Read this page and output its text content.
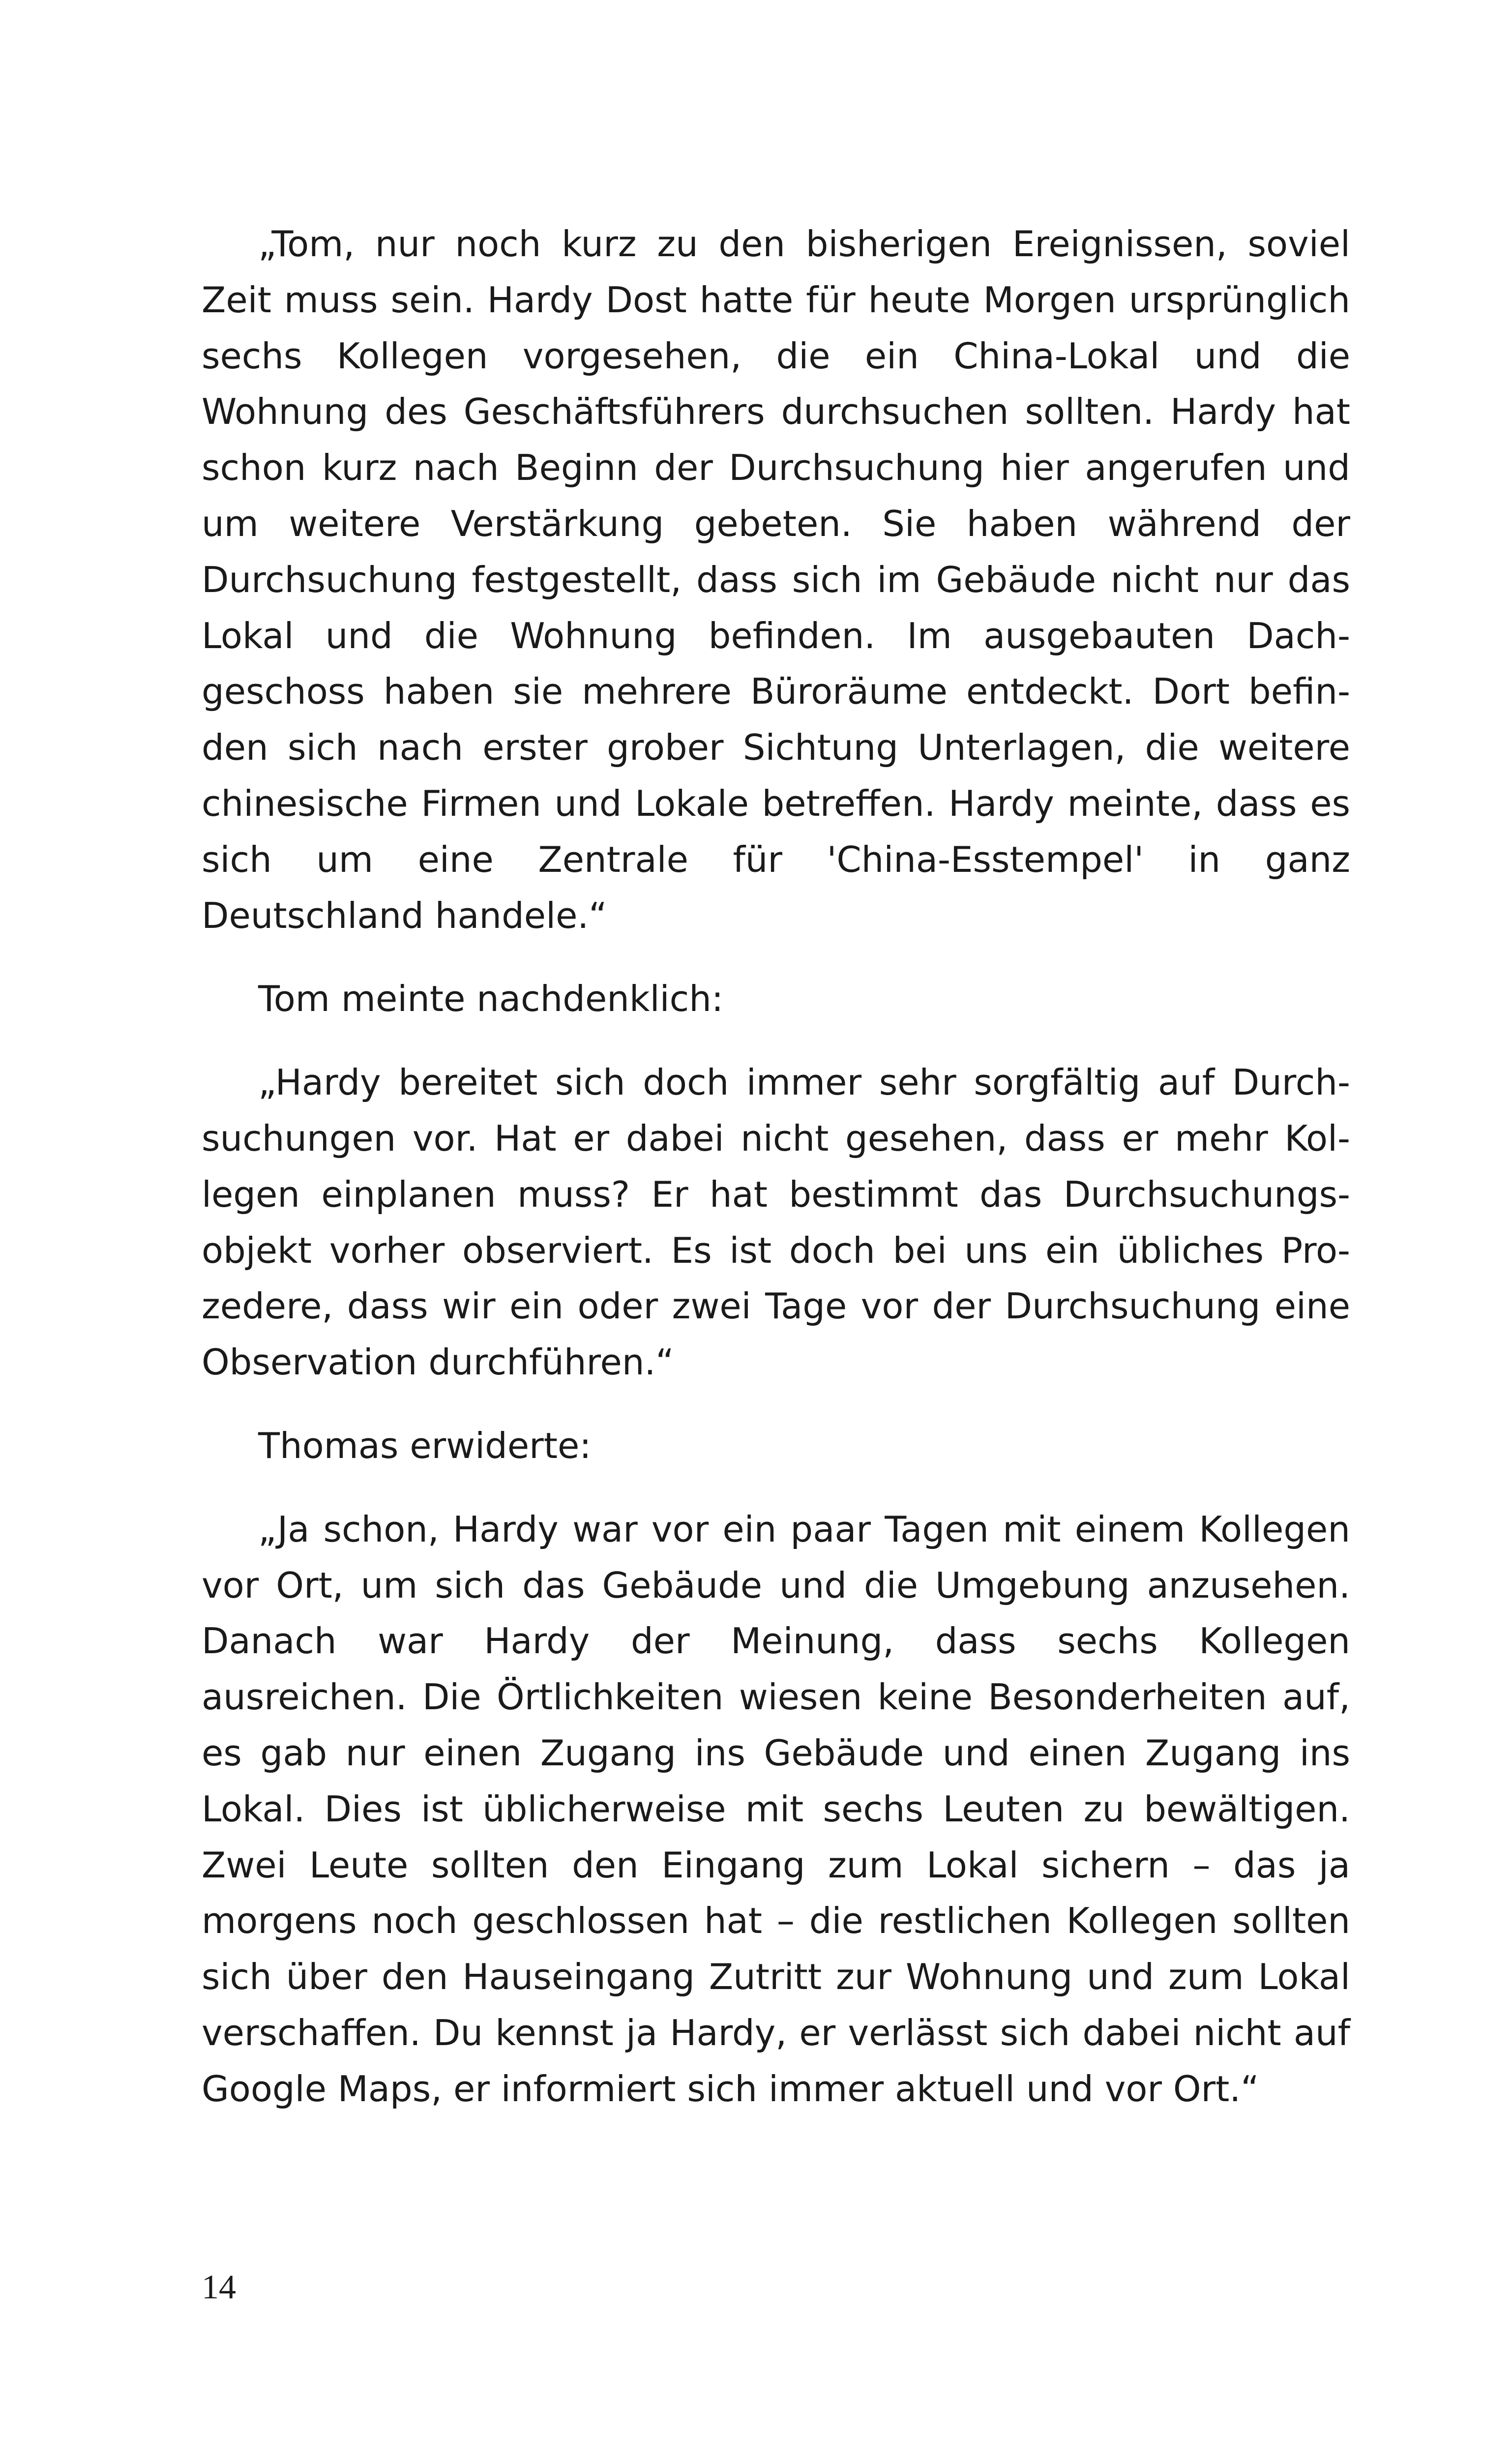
„Tom, nur noch kurz zu den bisherigen Ereignissen, soviel Zeit muss sein. Hardy Dost hatte für heute Morgen ursprünglich sechs Kollegen vorgesehen, die ein China-Lokal und die Wohnung des Geschäftsführers durchsuchen sollten. Hardy hat schon kurz nach Beginn der Durchsuchung hier angerufen und um weitere Verstärkung gebeten. Sie haben während der Durchsuchung festgestellt, dass sich im Gebäude nicht nur das Lokal und die Wohnung befinden. Im ausgebauten Dachgeschoss haben sie mehrere Büroräume entdeckt. Dort befinden sich nach erster grober Sichtung Unterlagen, die weitere chinesische Firmen und Lokale betreffen. Hardy meinte, dass es sich um eine Zentrale für 'China-Esstempel' in ganz Deutschland handele.“

Tom meinte nachdenklich:

„Hardy bereitet sich doch immer sehr sorgfältig auf Durchsuchungen vor. Hat er dabei nicht gesehen, dass er mehr Kollegen einplanen muss? Er hat bestimmt das Durchsuchungsobjekt vorher observiert. Es ist doch bei uns ein übliches Prozedere, dass wir ein oder zwei Tage vor der Durchsuchung eine Observation durchführen.“

Thomas erwiderte:

„Ja schon, Hardy war vor ein paar Tagen mit einem Kollegen vor Ort, um sich das Gebäude und die Umgebung anzusehen. Danach war Hardy der Meinung, dass sechs Kollegen ausreichen. Die Örtlichkeiten wiesen keine Besonderheiten auf, es gab nur einen Zugang ins Gebäude und einen Zugang ins Lokal. Dies ist üblicherweise mit sechs Leuten zu bewältigen. Zwei Leute sollten den Eingang zum Lokal sichern – das ja morgens noch geschlossen hat – die restlichen Kollegen sollten sich über den Hauseingang Zutritt zur Wohnung und zum Lokal verschaffen. Du kennst ja Hardy, er verlässt sich dabei nicht auf Google Maps, er informiert sich immer aktuell und vor Ort.“

14
